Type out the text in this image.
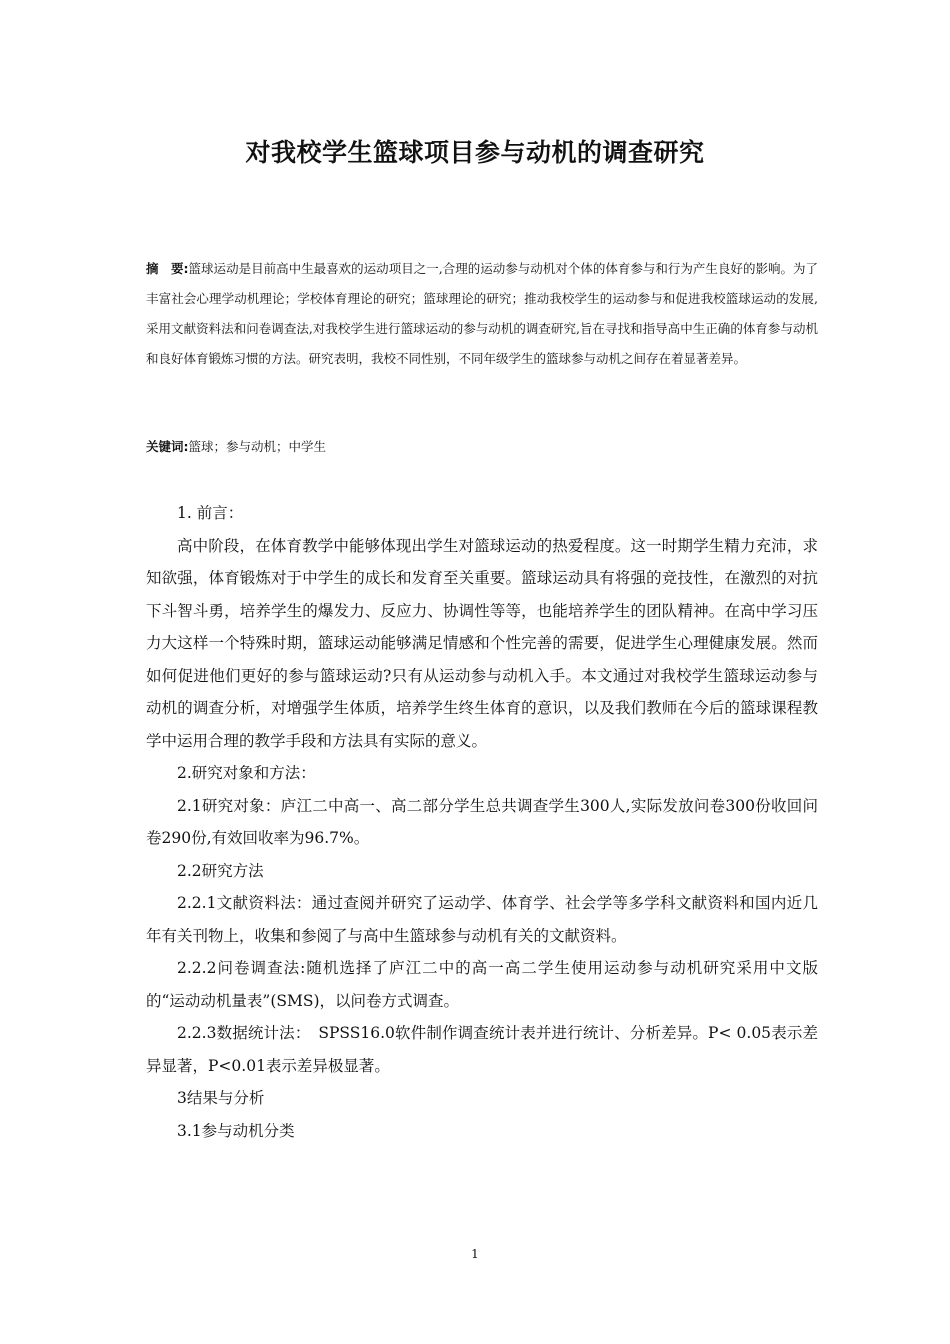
对我校学生篮球项目参与动机的调查研究
摘　要:篮球运动是目前高中生最喜欢的运动项目之一,合理的运动参与动机对个体的体育参与和行为产生良好的影响。为了丰富社会心理学动机理论；学校体育理论的研究；篮球理论的研究；推动我校学生的运动参与和促进我校篮球运动的发展,采用文献资料法和问卷调查法,对我校学生进行篮球运动的参与动机的调查研究,旨在寻找和指导高中生正确的体育参与动机和良好体育锻炼习惯的方法。研究表明，我校不同性别，不同年级学生的篮球参与动机之间存在着显著差异。
关键词:篮球；参与动机；中学生

1. 前言：

高中阶段，在体育教学中能够体现出学生对篮球运动的热爱程度。这一时期学生精力充沛，求知欲强，体育锻炼对于中学生的成长和发育至关重要。篮球运动具有将强的竞技性，在激烈的对抗下斗智斗勇，培养学生的爆发力、反应力、协调性等等，也能培养学生的团队精神。在高中学习压力大这样一个特殊时期，篮球运动能够满足情感和个性完善的需要，促进学生心理健康发展。然而如何促进他们更好的参与篮球运动?只有从运动参与动机入手。本文通过对我校学生篮球运动参与动机的调查分析，对增强学生体质，培养学生终生体育的意识，以及我们教师在今后的篮球课程教学中运用合理的教学手段和方法具有实际的意义。

2.研究对象和方法：

2.1研究对象：庐江二中高一、高二部分学生总共调查学生300人,实际发放问卷300份收回问卷290份,有效回收率为96.7%。

2.2研究方法

2.2.1文献资料法：通过查阅并研究了运动学、体育学、社会学等多学科文献资料和国内近几年有关刊物上，收集和参阅了与高中生篮球参与动机有关的文献资料。

2.2.2问卷调查法:随机选择了庐江二中的高一高二学生使用运动参与动机研究采用中文版的“运动动机量表”(SMS)，以问卷方式调查。

2.2.3数据统计法：　SPSS16.0软件制作调查统计表并进行统计、分析差异。P< 0.05表示差异显著，P<0.01表示差异极显著。

3结果与分析

3.1参与动机分类

1
